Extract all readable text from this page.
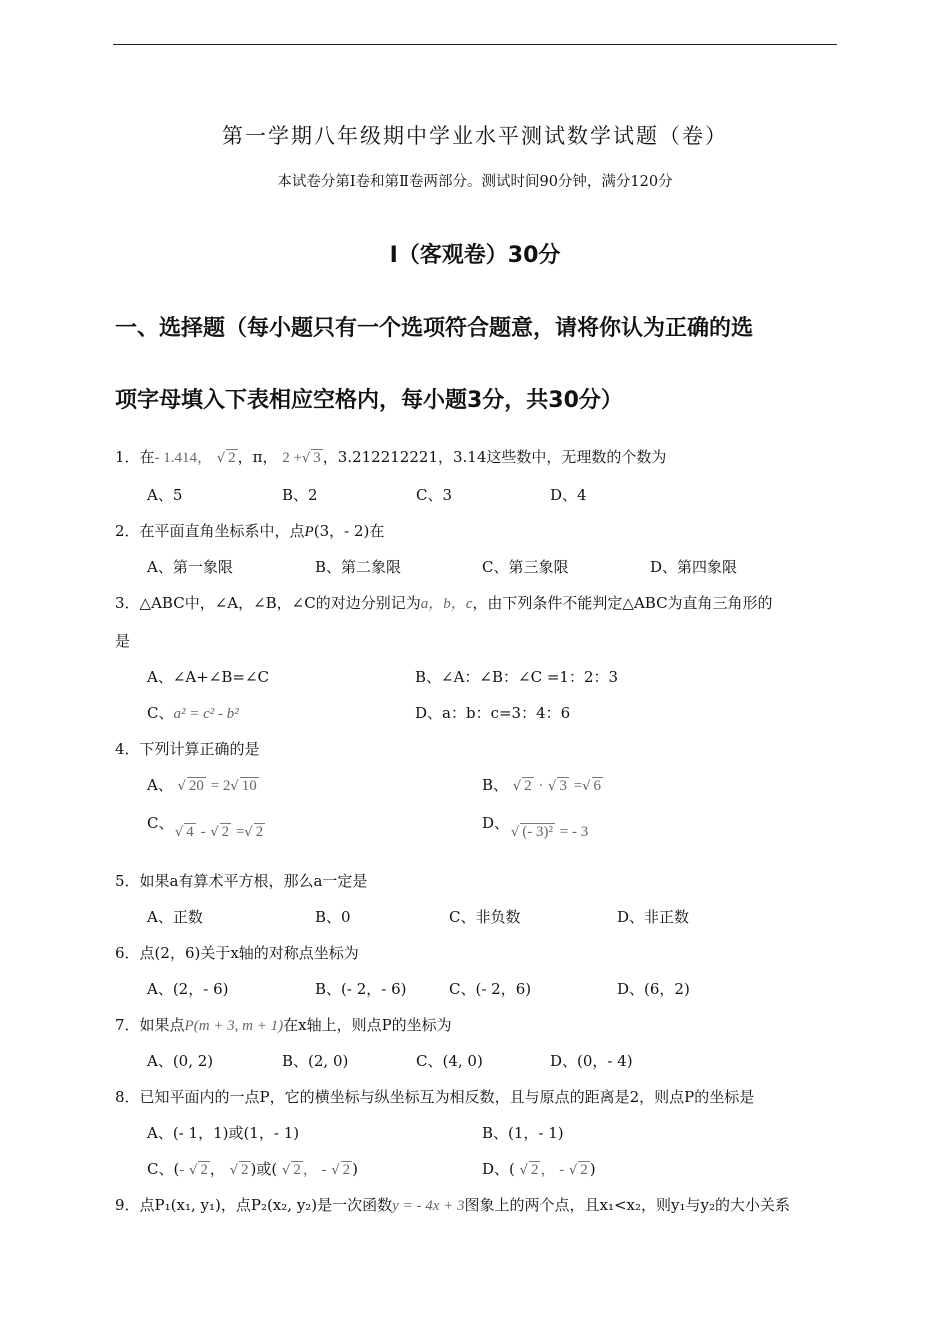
第一学期八年级期中学业水平测试数学试题（卷）
本试卷分第Ⅰ卷和第Ⅱ卷两部分。测试时间90分钟，满分120分
Ⅰ（客观卷）30分
一、选择题（每小题只有一个选项符合题意，请将你认为正确的选
项字母填入下表相应空格内，每小题3分，共30分）
1．在- 1.414， √ 2 ，π， 2 +√ 3 ，3.212212221，3.14这些数中，无理数的个数为
A、5	B、2	C、3	D、4
2．在平面直角坐标系中，点P(3，- 2)在
A、第一象限	B、第二象限	C、第三象限	D、第四象限
3．△ABC中，∠A，∠B，∠C的对边分别记为a，b，c，由下列条件不能判定△ABC为直角三角形的
是
A、∠A+∠B=∠C	B、∠A：∠B：∠C =1：2：3
C、a² = c² - b²	D、a：b：c=3：4：6
4．下列计算正确的是
A、 √ 20 = 2√ 10	B、 √ 2 · √ 3 =√ 6
C、
√ 4 - √ 2 =√ 2	D、
√ (- 3)² = - 3
5．如果a有算术平方根，那么a一定是
A、正数	B、0	C、非负数	D、非正数
6．点(2，6)关于x轴的对称点坐标为
A、(2，- 6)	B、(- 2，- 6)	C、(- 2，6)	D、(6，2)
7．如果点P(m + 3, m + 1)在x轴上，则点P的坐标为
A、(0, 2)	B、(2, 0)	C、(4, 0)	D、(0，- 4)
8．已知平面内的一点P，它的横坐标与纵坐标互为相反数，且与原点的距离是2，则点P的坐标是
A、(- 1，1)或(1，- 1)	B、(1，- 1)
C、(- √ 2 ， √ 2 )或( √ 2 ， - √ 2 )	D、( √ 2 ， - √ 2 )
9．点P₁(x₁, y₁)，点P₂(x₂, y₂)是一次函数y = - 4x + 3图象上的两个点，且x₁<x₂，则y₁与y₂的大小关系
